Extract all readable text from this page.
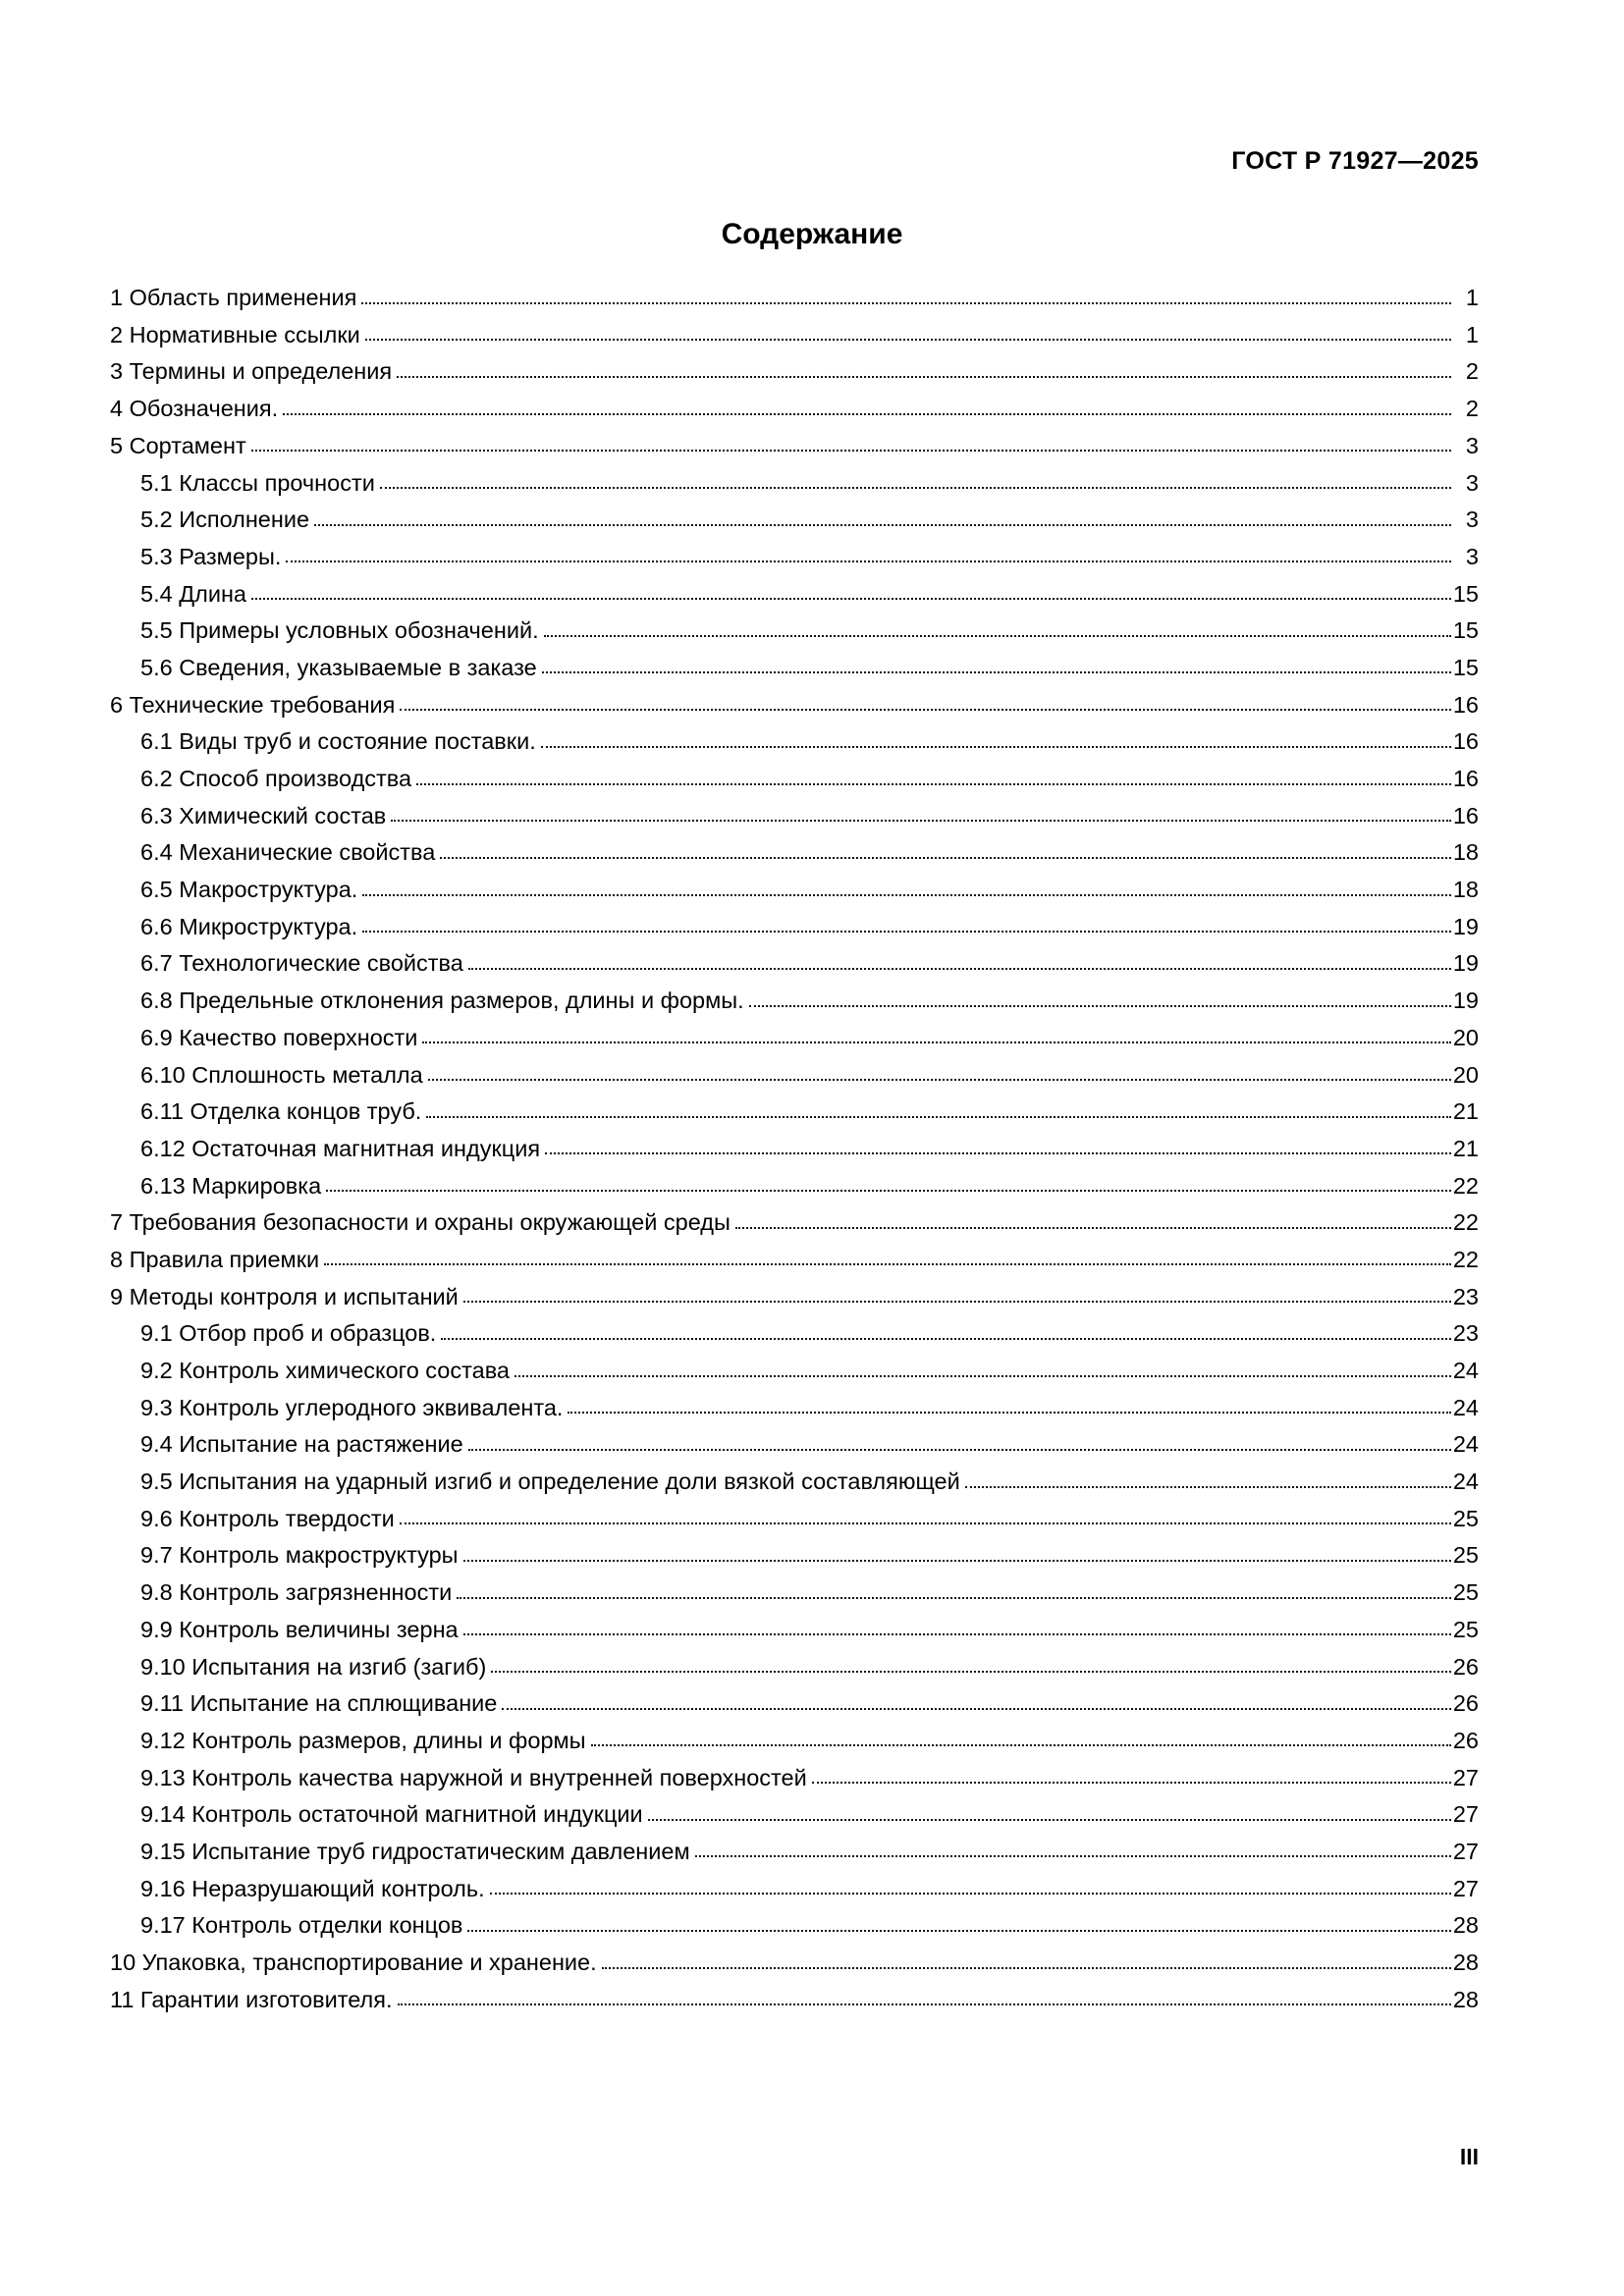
ГОСТ Р 71927—2025
Содержание
1 Область применения	1
2 Нормативные ссылки	1
3 Термины и определения	2
4 Обозначения.	2
5 Сортамент	3
5.1 Классы прочности	3
5.2 Исполнение	3
5.3 Размеры.	3
5.4 Длина	15
5.5 Примеры условных обозначений.	15
5.6 Сведения, указываемые в заказе	15
6 Технические требования	16
6.1 Виды труб и состояние поставки.	16
6.2 Способ производства	16
6.3 Химический состав	16
6.4 Механические свойства	18
6.5 Макроструктура.	18
6.6 Микроструктура.	19
6.7 Технологические свойства	19
6.8 Предельные отклонения размеров, длины и формы.	19
6.9 Качество поверхности	20
6.10 Сплошность металла	20
6.11 Отделка концов труб.	21
6.12 Остаточная магнитная индукция	21
6.13 Маркировка	22
7 Требования безопасности и охраны окружающей среды	22
8 Правила приемки	22
9 Методы контроля и испытаний	23
9.1 Отбор проб и образцов.	23
9.2 Контроль химического состава	24
9.3 Контроль углеродного эквивалента.	24
9.4 Испытание на растяжение	24
9.5 Испытания на ударный изгиб и определение доли вязкой составляющей	24
9.6 Контроль твердости	25
9.7 Контроль макроструктуры	25
9.8 Контроль загрязненности	25
9.9 Контроль величины зерна	25
9.10 Испытания на изгиб (загиб)	26
9.11 Испытание на сплющивание	26
9.12 Контроль размеров, длины и формы	26
9.13 Контроль качества наружной и внутренней поверхностей	27
9.14 Контроль остаточной магнитной индукции	27
9.15 Испытание труб гидростатическим давлением	27
9.16 Неразрушающий контроль.	27
9.17 Контроль отделки концов	28
10 Упаковка, транспортирование и хранение.	28
11 Гарантии изготовителя.	28
III
